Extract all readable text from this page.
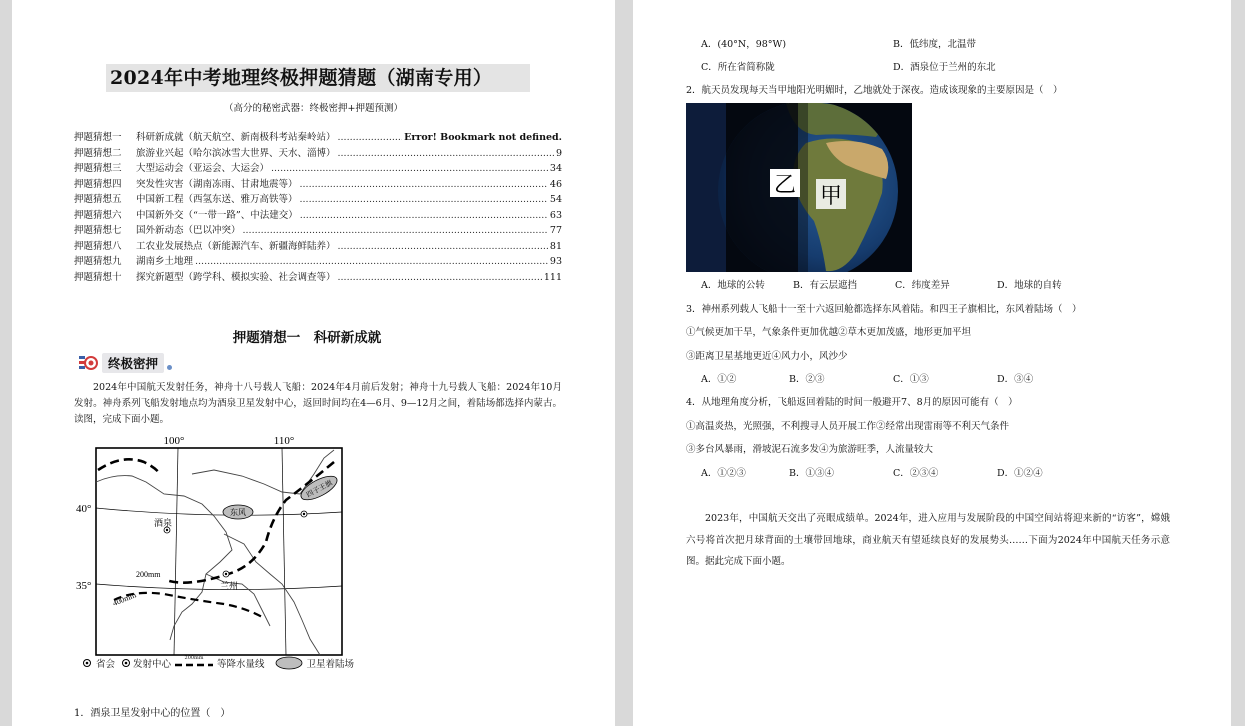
2024年中考地理终极押题猜题（湖南专用）
（高分的秘密武器：终极密押+押题预测）
押题猜想一	科研新成就（航天航空、新南极科考站秦岭站） .....	Error! Bookmark not defined.
押题猜想二	旅游业兴起（哈尔滨冰雪大世界、天水、淄博） .....	9
押题猜想三	大型运动会（亚运会、大运会） .....	34
押题猜想四	突发性灾害（湖南冻雨、甘肃地震等） .....	46
押题猜想五	中国新工程（西氢东送、雅万高铁等） .....	54
押题猜想六	中国新外交（“一带一路”、中法建交） .....	63
押题猜想七	国外新动态（巴以冲突） .....	77
押题猜想八	工农业发展热点（新能源汽车、新疆海鲜陆养） .....	81
押题猜想九	湖南乡土地理 .....	93
押题猜想十	探究新题型（跨学科、模拟实验、社会调查等） .....	111
押题猜想一　科研新成就
终极密押
2024年中国航天发射任务，神舟十八号载人飞船：2024年4月前后发射；神舟十九号载人飞船：2024年10月发射。神舟系列飞船发射地点均为酒泉卫星发射中心，返回时间均在4—6月、9—12月之间，着陆场都选择内蒙古。读图，完成下面小题。
100°	110°
40°
35°
酒泉
兰州
东风
四子王旗
200mm
400mm
省会 发射中心
200mm
等降水量线	卫星着陆场
1．酒泉卫星发射中心的位置（　）
A．(40°N，98°W)	B．低纬度，北温带
C．所在省简称陇	D．酒泉位于兰州的东北
2．航天员发现每天当甲地阳光明媚时，乙地就处于深夜。造成该现象的主要原因是（　）
乙 甲
A．地球的公转	B．有云层遮挡	C．纬度差异	D．地球的自转
3．神州系列载人飞船十一至十六返回舱都选择东风着陆。和四王子旗相比，东风着陆场（　）
①气候更加干旱，气象条件更加优越②草木更加茂盛，地形更加平坦
③距离卫星基地更近④风力小，风沙少
A．①②	B．②③	C．①③	D．③④
4．从地理角度分析，飞船返回着陆的时间一般避开7、8月的原因可能有（　）
①高温炎热，光照强，不利搜寻人员开展工作②经常出现雷雨等不利天气条件
③多台风暴雨，滑坡泥石流多发④为旅游旺季，人流量较大
A．①②③	B．①③④	C．②③④	D．①②④
2023年，中国航天交出了亮眼成绩单。2024年，进入应用与发展阶段的中国空间站将迎来新的“访客”，嫦娥六号将首次把月球背面的土壤带回地球，商业航天有望延续良好的发展势头……下面为2024年中国航天任务示意图。据此完成下面小题。
